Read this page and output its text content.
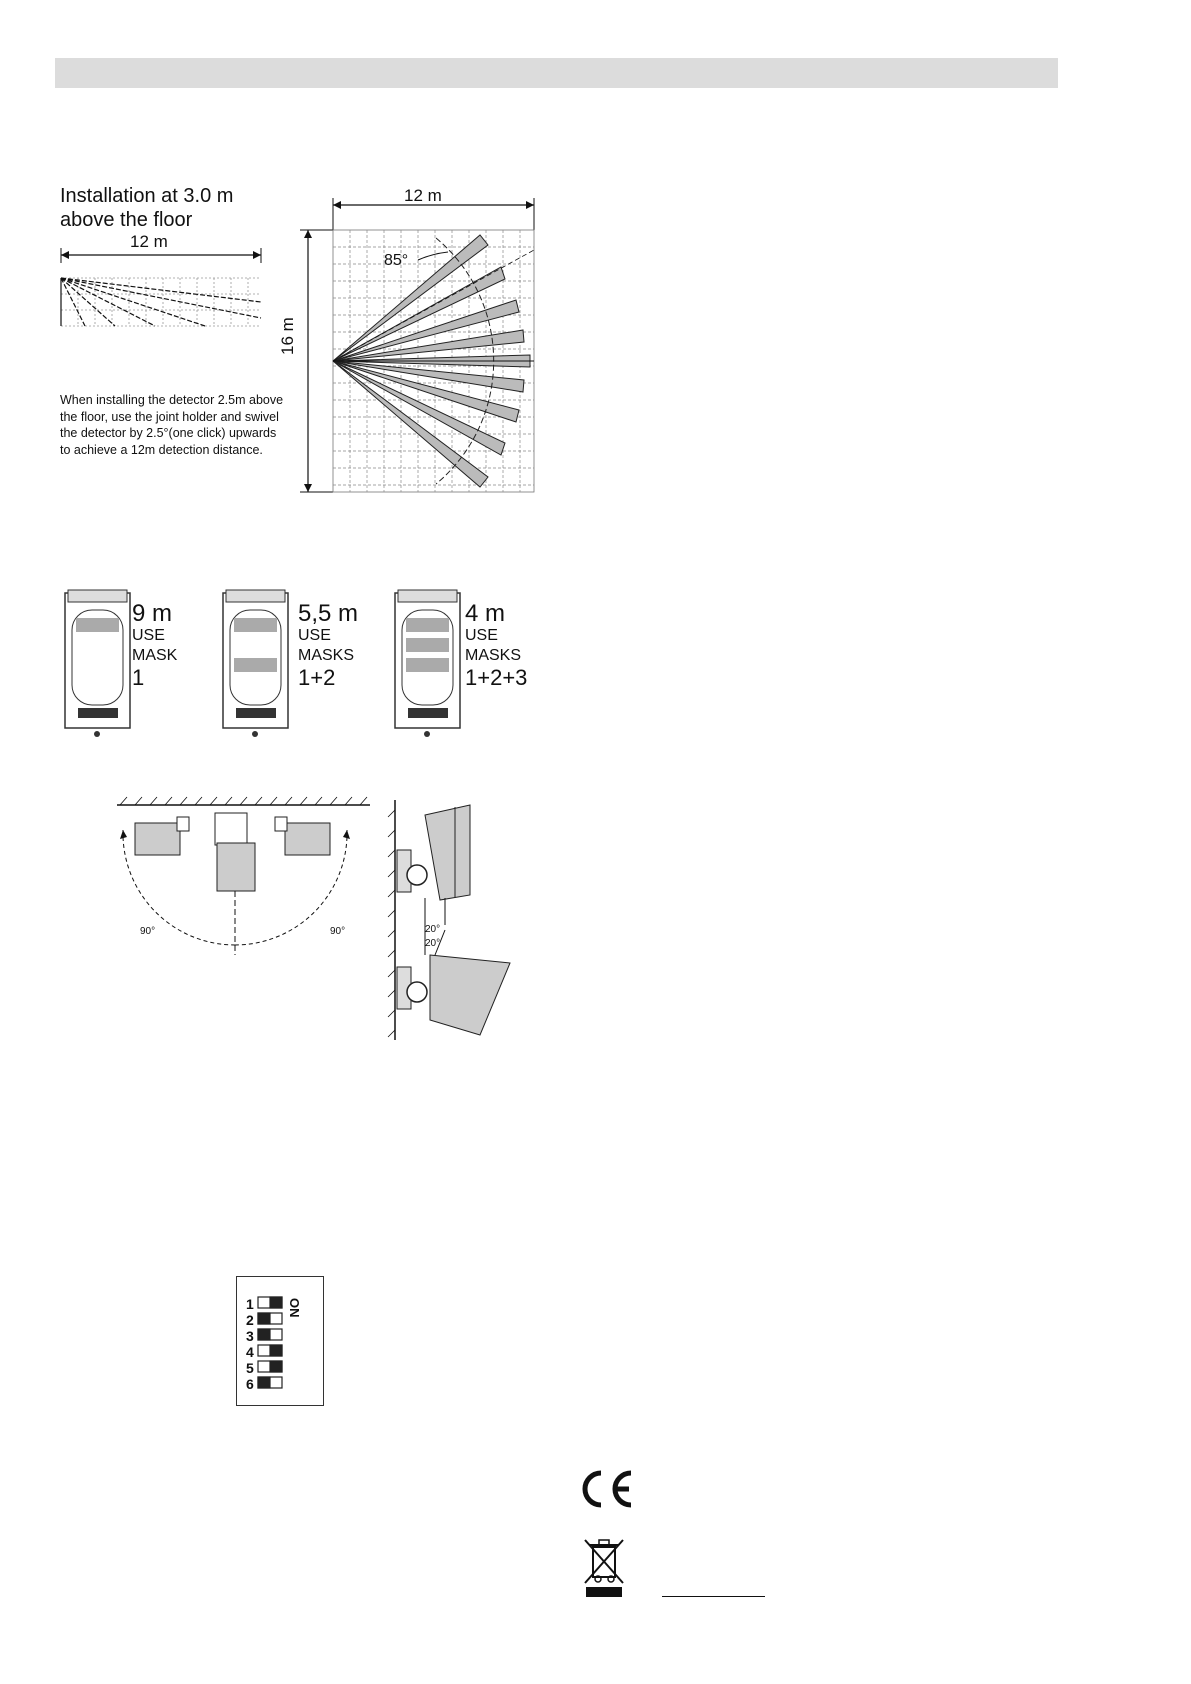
Installation at 3.0 m
above the floor
12 m
When installing the detector 2.5m above the floor, use the joint holder and swivel the detector by 2.5°(one click) upwards to achieve a 12m detection distance.
12 m
85°
16 m
9 m
USE
MASK
1
5,5 m
USE
MASKS
1+2
4 m
USE
MASKS
1+2+3
90°	90°	20°
20°
1
2
3
4
5
6
ON
